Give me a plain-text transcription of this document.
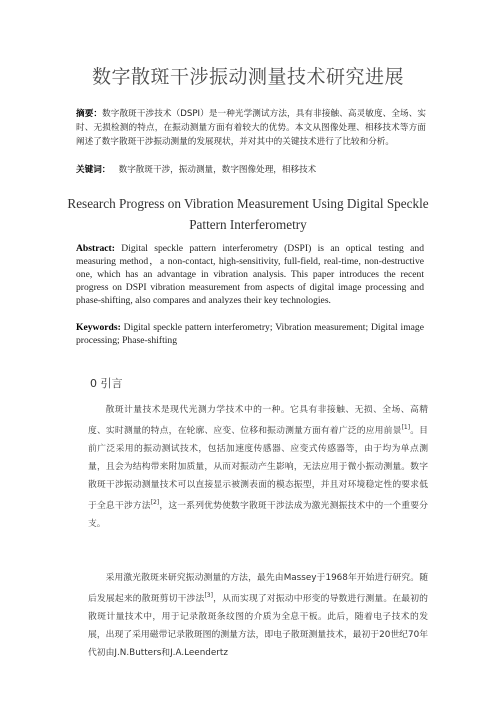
数字散斑干涉振动测量技术研究进展
摘要：数字散斑干涉技术（DSPI）是一种光学测试方法，具有非接触、高灵敏度、全场、实时、无损检测的特点，在振动测量方面有着较大的优势。本文从图像处理、相移技术等方面阐述了数字散斑干涉振动测量的发展现状，并对其中的关键技术进行了比较和分析。
关键词： 数字散斑干涉，振动测量，数字图像处理，相移技术
Research Progress on Vibration Measurement Using Digital Speckle Pattern Interferometry
Abstract: Digital speckle pattern interferometry (DSPI) is an optical testing and measuring method，a non-contact, high-sensitivity, full-field, real-time, non-destructive one, which has an advantage in vibration analysis. This paper introduces the recent progress on DSPI vibration measurement from aspects of digital image processing and phase-shifting, also compares and analyzes their key technologies.
Keywords: Digital speckle pattern interferometry; Vibration measurement; Digital image processing; Phase-shifting
0 引言
散斑计量技术是现代光测力学技术中的一种。它具有非接触、无损、全场、高精度、实时测量的特点，在轮廓、应变、位移和振动测量方面有着广泛的应用前景[1]。目前广泛采用的振动测试技术，包括加速度传感器、应变式传感器等，由于均为单点测量，且会为结构带来附加质量，从而对振动产生影响，无法应用于微小振动测量。数字散斑干涉振动测量技术可以直接显示被测表面的模态振型，并且对环境稳定性的要求低于全息干涉方法[2]，这一系列优势使数字散斑干涉法成为激光测振技术中的一个重要分支。
采用激光散斑来研究振动测量的方法，最先由Massey于1968年开始进行研究。随后发展起来的散斑剪切干涉法[3]，从而实现了对振动中形变的导数进行测量。在最初的散斑计量技术中，用于记录散斑条纹图的介质为全息干板。此后，随着电子技术的发展，出现了采用磁带记录散斑图的测量方法，即电子散斑测量技术，最初于20世纪70年代初由J.N.Butters和J.A.Leendertz
